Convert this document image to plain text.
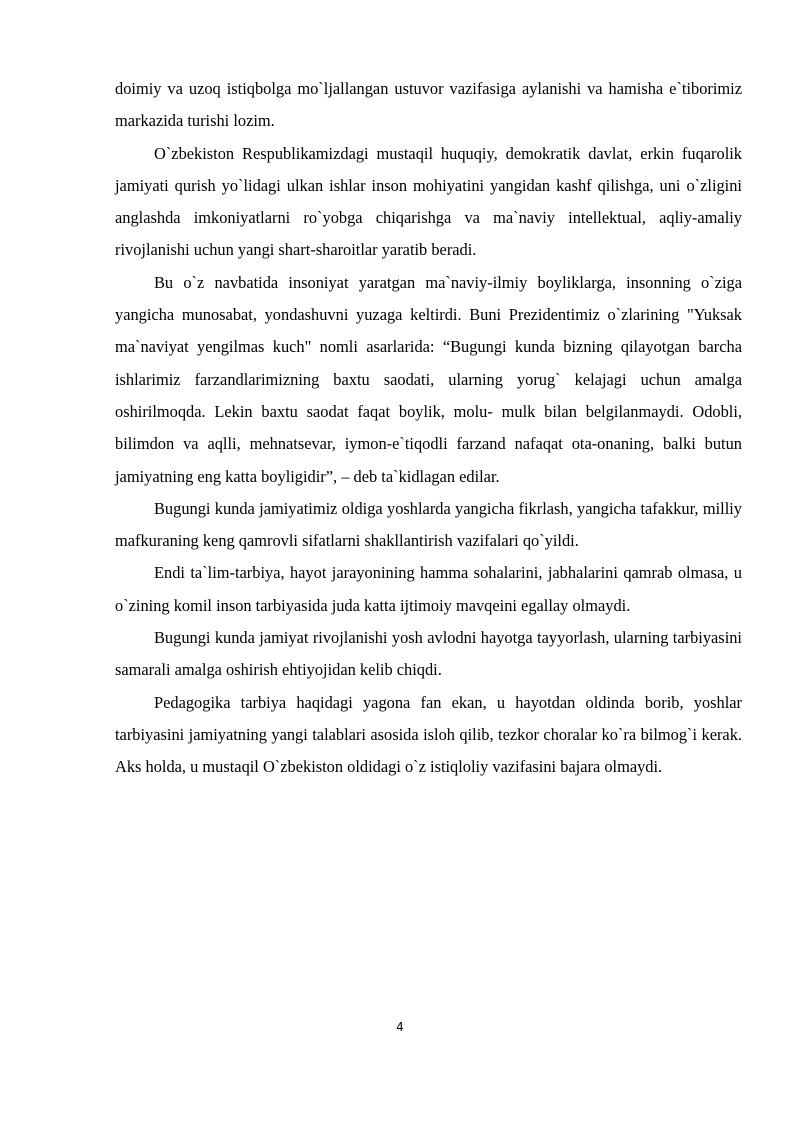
doimiy va uzoq istiqbolga mo`ljallangan ustuvor vazifasiga aylanishi va hamisha e`tiborimiz markazida turishi lozim.

O`zbekiston Respublikamizdagi mustaqil huquqiy, demokratik davlat, erkin fuqarolik jamiyati qurish yo`lidagi ulkan ishlar inson mohiyatini yangidan kashf qilishga, uni o`zligini anglashda imkoniyatlarni ro`yobga chiqarishga va ma`naviy intellektual, aqliy-amaliy rivojlanishi uchun yangi shart-sharoitlar yaratib beradi.

Bu o`z navbatida insoniyat yaratgan ma`naviy-ilmiy boyliklarga, insonning o`ziga yangicha munosabat, yondashuvni yuzaga keltirdi. Buni Prezidentimiz o`zlarining "Yuksak ma`naviyat yengilmas kuch" nomli asarlarida: “Bugungi kunda bizning qilayotgan barcha ishlarimiz farzandlarimizning baxtu saodati, ularning yorug` kelajagi uchun amalga oshirilmoqda. Lekin baxtu saodat faqat boylik, molu- mulk bilan belgilanmaydi. Odobli, bilimdon va aqlli, mehnatsevar, iymon-e`tiqodli farzand nafaqat ota-onaning, balki butun jamiyatning eng katta boyligidir”, – deb ta`kidlagan edilar.

Bugungi kunda jamiyatimiz oldiga yoshlarda yangicha fikrlash, yangicha tafakkur, milliy mafkuraning keng qamrovli sifatlarni shakllantirish vazifalari qo`yildi.

Endi ta`lim-tarbiya, hayot jarayonining hamma sohalarini, jabhalarini qamrab olmasa, u o`zining komil inson tarbiyasida juda katta ijtimoiy mavqeini egallay olmaydi.

Bugungi kunda jamiyat rivojlanishi yosh avlodni hayotga tayyorlash, ularning tarbiyasini samarali amalga oshirish ehtiyojidan kelib chiqdi.

Pedagogika tarbiya haqidagi yagona fan ekan, u hayotdan oldinda borib, yoshlar tarbiyasini jamiyatning yangi talablari asosida isloh qilib, tezkor choralar ko`ra bilmog`i kerak. Aks holda, u mustaqil O`zbekiston oldidagi o`z istiqloliy vazifasini bajara olmaydi.

4
